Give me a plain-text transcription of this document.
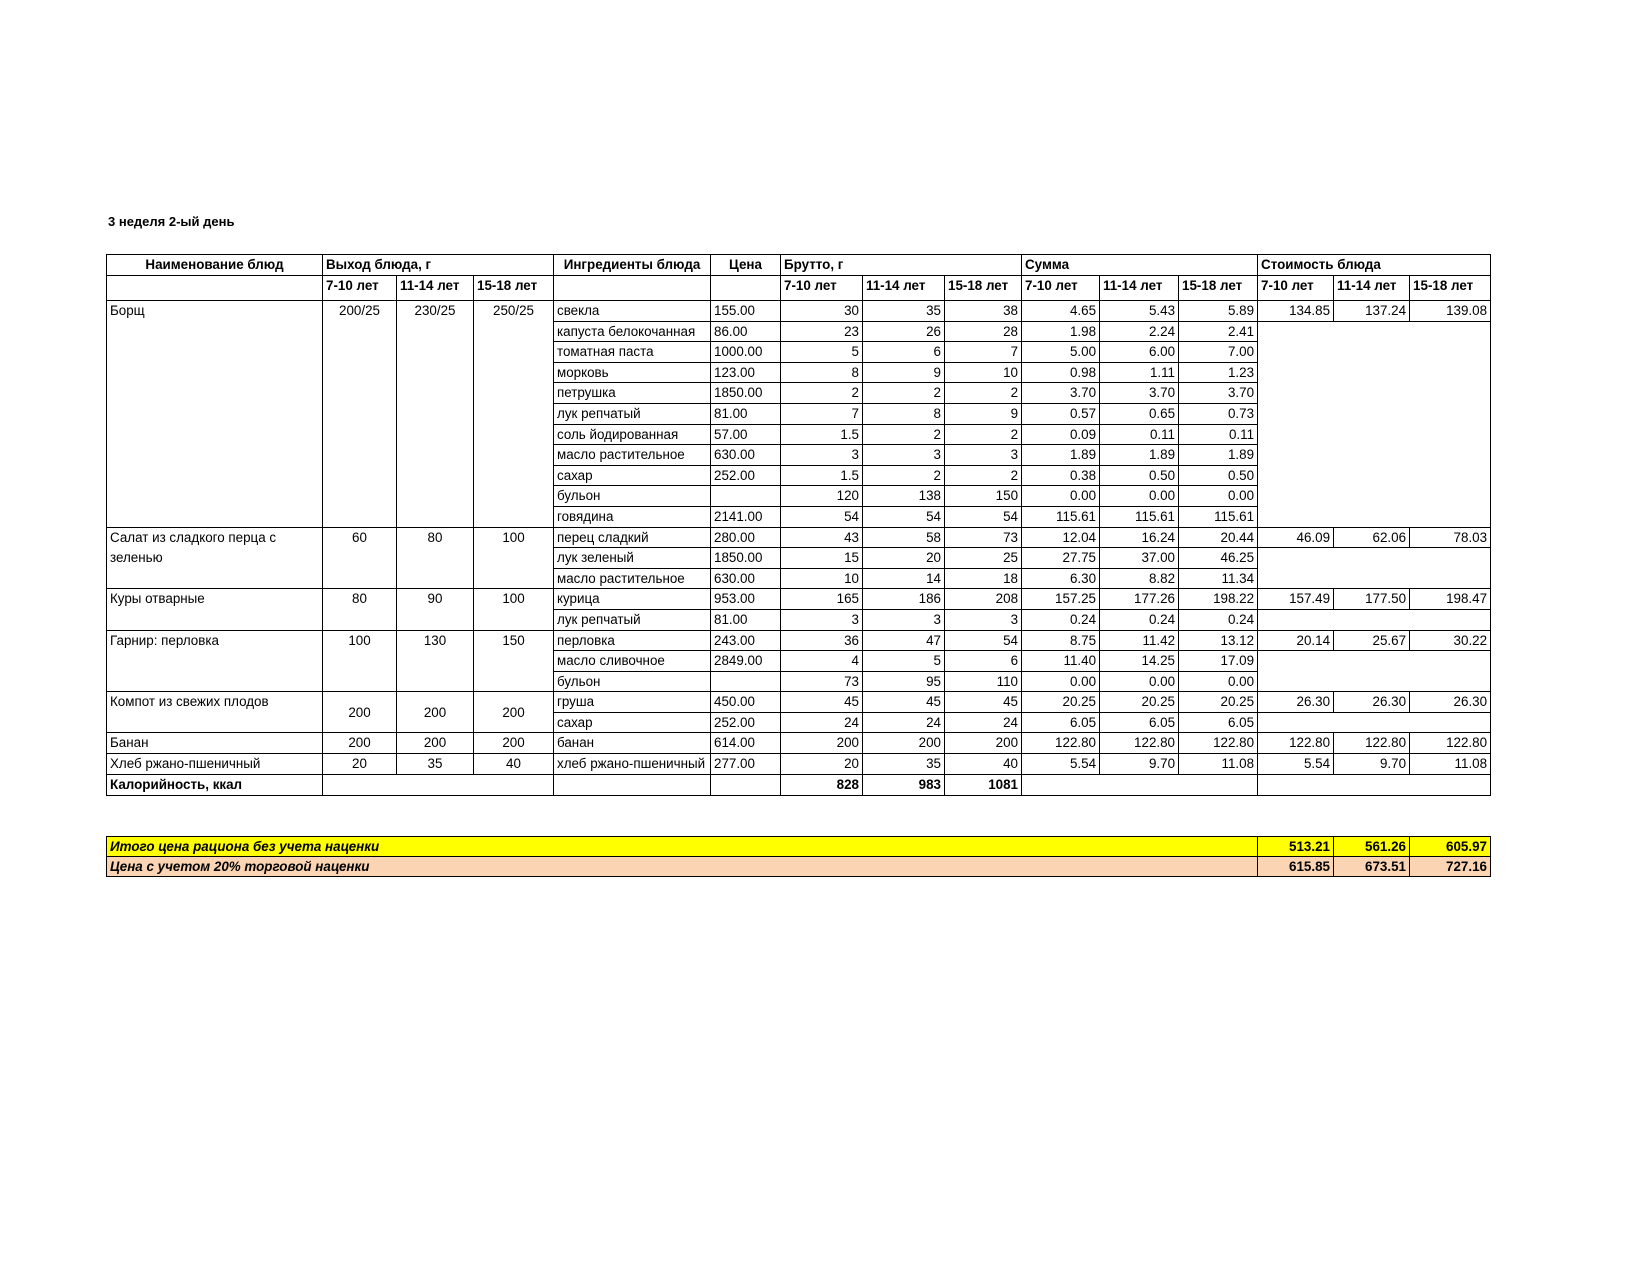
3 неделя 2-ый день
Наименование блюд	Выход блюда, г			Ингредиенты блюда	Цена	Брутто, г			Сумма			Стоимость блюда		
	7-10 лет	11-14 лет	15-18 лет			7-10 лет	11-14 лет	15-18 лет	7-10 лет	11-14 лет	15-18 лет	7-10 лет	11-14 лет	15-18 лет
Борщ	200/25	230/25	250/25	свекла	155.00	30	35	38	4.65	5.43	5.89	134.85	137.24	139.08
				капуста белокочанная	86.00	23	26	28	1.98	2.24	2.41			
				томатная паста	1000.00	5	6	7	5.00	6.00	7.00			
				морковь	123.00	8	9	10	0.98	1.11	1.23			
				петрушка	1850.00	2	2	2	3.70	3.70	3.70			
				лук репчатый	81.00	7	8	9	0.57	0.65	0.73			
				соль йодированная	57.00	1.5	2	2	0.09	0.11	0.11			
				масло растительное	630.00	3	3	3	1.89	1.89	1.89			
				сахар	252.00	1.5	2	2	0.38	0.50	0.50			
				бульон		120	138	150	0.00	0.00	0.00			
				говядина	2141.00	54	54	54	115.61	115.61	115.61			
Салат из сладкого перца с зеленью	60	80	100	перец сладкий	280.00	43	58	73	12.04	16.24	20.44	46.09	62.06	78.03
				лук зеленый	1850.00	15	20	25	27.75	37.00	46.25			
				масло растительное	630.00	10	14	18	6.30	8.82	11.34			
Куры отварные	80	90	100	курица	953.00	165	186	208	157.25	177.26	198.22	157.49	177.50	198.47
				лук репчатый	81.00	3	3	3	0.24	0.24	0.24			
Гарнир: перловка	100	130	150	перловка	243.00	36	47	54	8.75	11.42	13.12	20.14	25.67	30.22
				масло сливочное	2849.00	4	5	6	11.40	14.25	17.09			
				бульон		73	95	110	0.00	0.00	0.00			
Компот из свежих плодов	200	200	200	груша	450.00	45	45	45	20.25	20.25	20.25	26.30	26.30	26.30
				сахар	252.00	24	24	24	6.05	6.05	6.05			
Банан	200	200	200	банан	614.00	200	200	200	122.80	122.80	122.80	122.80	122.80	122.80
Хлеб ржано-пшеничный	20	35	40	хлеб ржано-пшеничный	277.00	20	35	40	5.54	9.70	11.08	5.54	9.70	11.08
Калорийность, ккал						828	983	1081						
Итого цена рациона без учета наценки	513.21	561.26	605.97
Цена с учетом 20% торговой наценки	615.85	673.51	727.16
